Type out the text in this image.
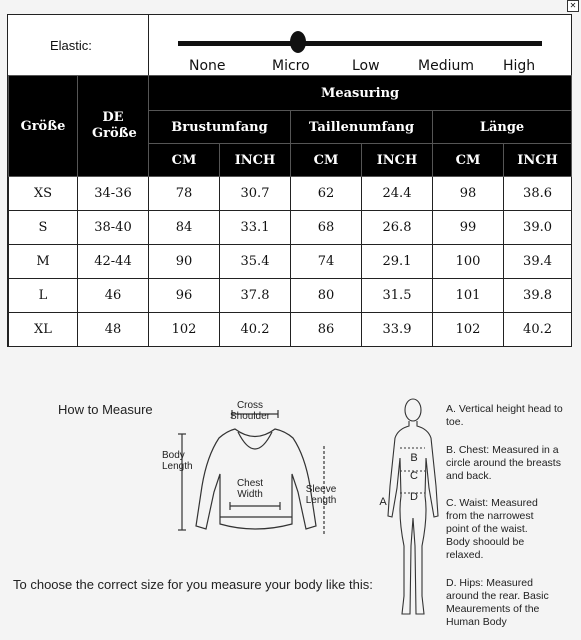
✕
Elastic:
None	Micro	Low	Medium High
Größe	DE Größe	Measuring					
		Brustumfang		Taillenumfang		Länge	
		CM	INCH	CM	INCH	CM	INCH
XS	34-36	78	30.7	62	24.4	98	38.6
S	38-40	84	33.1	68	26.8	99	39.0
M	42-44	90	35.4	74	29.1	100	39.4
L	46	96	37.8	80	31.5	101	39.8
XL	48	102	40.2	86	33.9	102	40.2
How to Measure	Cross Shoulder
Body Length
Chest Width	Sleeve Length
B
C
D
A
A. Vertical height head to toe.
B. Chest: Measured in a circle around the breasts and back.
C. Waist: Measured from the narrowest point of the waist. Body shoould be relaxed.
D. Hips: Measured around the rear. Basic Meaurements of the Human Body
To choose the correct size for you measure your body like this:
